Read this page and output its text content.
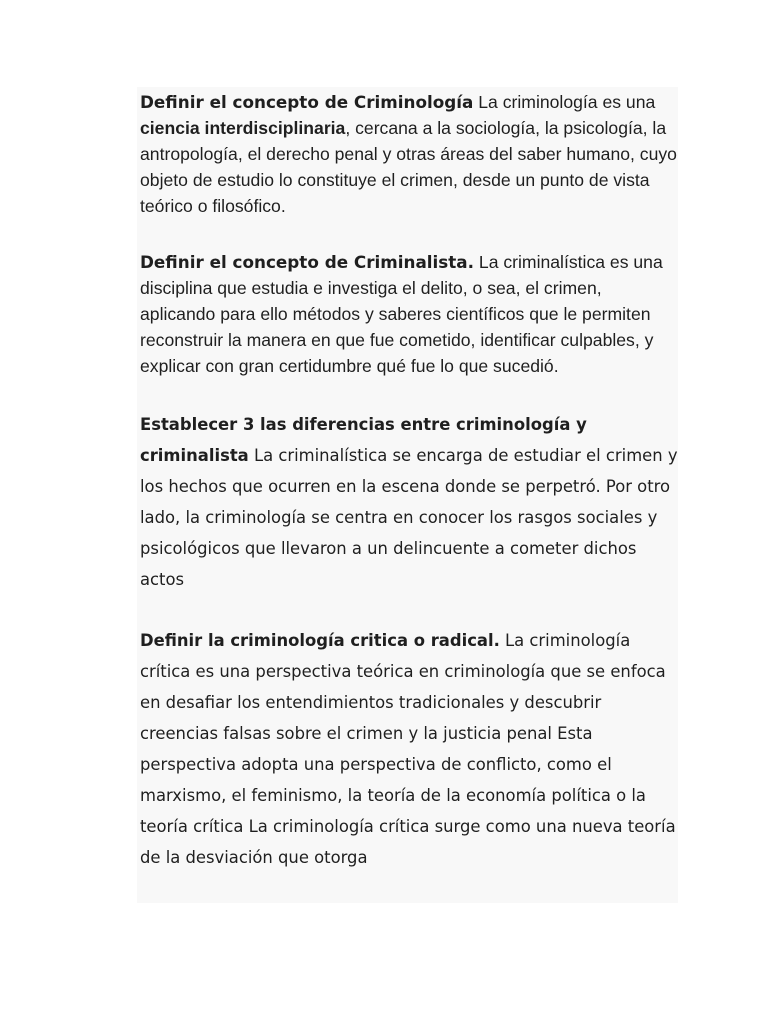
Definir el concepto de Criminología La criminología es una ciencia interdisciplinaria, cercana a la sociología, la psicología, la antropología, el derecho penal y otras áreas del saber humano, cuyo objeto de estudio lo constituye el crimen, desde un punto de vista teórico o filosófico.

Definir el concepto de Criminalista. La criminalística es una disciplina que estudia e investiga el delito, o sea, el crimen, aplicando para ello métodos y saberes científicos que le permiten reconstruir la manera en que fue cometido, identificar culpables, y explicar con gran certidumbre qué fue lo que sucedió.

Establecer 3 las diferencias entre criminología y criminalista La criminalística se encarga de estudiar el crimen y los hechos que ocurren en la escena donde se perpetró. Por otro lado, la criminología se centra en conocer los rasgos sociales y psicológicos que llevaron a un delincuente a cometer dichos actos

Definir la criminología critica o radical. La criminología crítica es una perspectiva teórica en criminología que se enfoca en desafiar los entendimientos tradicionales y descubrir creencias falsas sobre el crimen y la justicia penal Esta perspectiva adopta una perspectiva de conflicto, como el marxismo, el feminismo, la teoría de la economía política o la teoría crítica La criminología crítica surge como una nueva teoría de la desviación que otorga
